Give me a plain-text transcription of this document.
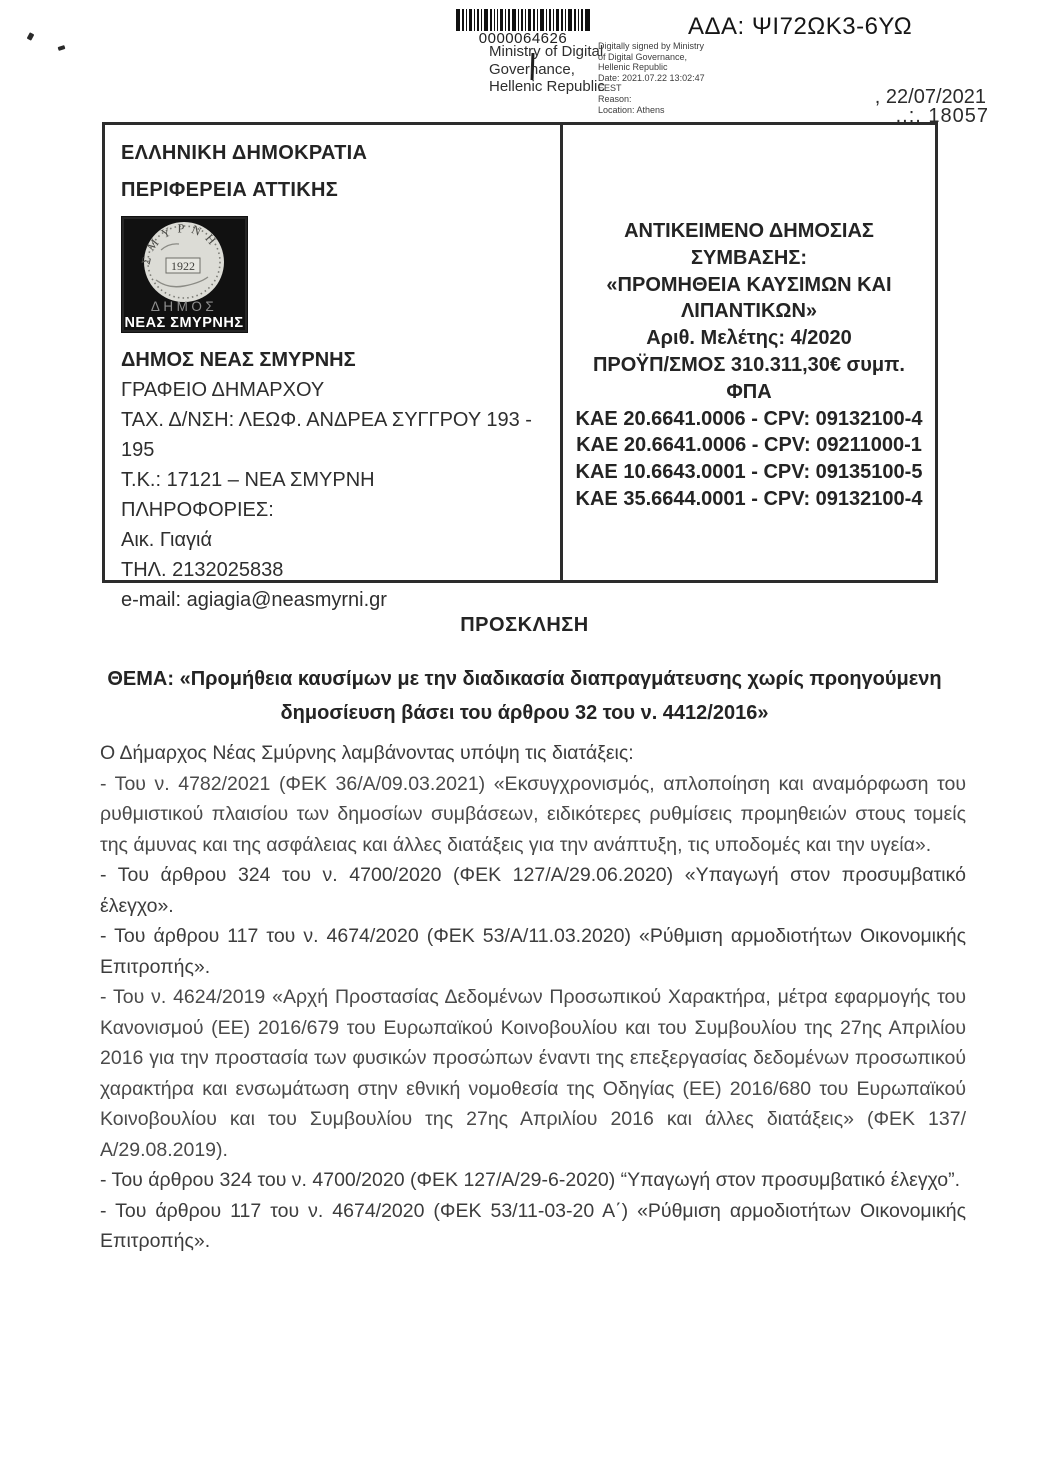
0000064626
Ministry of Digital
Governance,
Hellenic Republic
Digitally signed by Ministry
of Digital Governance,
Hellenic Republic
Date: 2021.07.22 13:02:47
EEST
Reason:
Location: Athens
ΑΔΑ: ΨΙ72ΩΚ3-6ΥΩ
, 22/07/2021
..:. 18057
ΕΛΛΗΝΙΚΗ ΔΗΜΟΚΡΑΤΙΑ
ΠΕΡΙΦΕΡΕΙΑ ΑΤΤΙΚΗΣ
ΣΜΥΡΝΗ
1922
ΔΗΜΟΣ
ΝΕΑΣ ΣΜΥΡΝΗΣ
ΔΗΜΟΣ ΝΕΑΣ ΣΜΥΡΝΗΣ
ΓΡΑΦΕΙΟ ΔΗΜΑΡΧΟΥ
ΤΑΧ. Δ/ΝΣΗ: ΛΕΩΦ. ΑΝΔΡΕΑ ΣΥΓΓΡΟΥ 193 - 195
Τ.Κ.: 17121 – ΝΕΑ ΣΜΥΡΝΗ
ΠΛΗΡΟΦΟΡΙΕΣ:
Αικ. Γιαγιά
ΤΗΛ. 2132025838
e-mail: agiagia@neasmyrni.gr
ΑΝΤΙΚΕΙΜΕΝΟ ΔΗΜΟΣΙΑΣ ΣΥΜΒΑΣΗΣ:
«ΠΡΟΜΗΘΕΙΑ ΚΑΥΣΙΜΩΝ ΚΑΙ
ΛΙΠΑΝΤΙΚΩΝ»
Αριθ. Μελέτης: 4/2020
ΠΡΟΫΠ/ΣΜΟΣ 310.311,30€ συμπ. ΦΠΑ
ΚΑΕ 20.6641.0006 - CPV: 09132100-4
ΚΑΕ 20.6641.0006 - CPV: 09211000-1
ΚΑΕ 10.6643.0001 - CPV: 09135100-5
ΚΑΕ 35.6644.0001 - CPV: 09132100-4
ΠΡΟΣΚΛΗΣΗ
ΘΕΜΑ: «Προμήθεια καυσίμων με την διαδικασία διαπραγμάτευσης χωρίς προηγούμενη
δημοσίευση βάσει του άρθρου 32 του ν. 4412/2016»

Ο Δήμαρχος Νέας Σμύρνης λαμβάνοντας υπόψη τις διατάξεις:

- Του ν. 4782/2021 (ΦΕΚ 36/Α/09.03.2021) «Εκσυγχρονισμός, απλοποίηση και αναμόρφωση του ρυθμιστικού πλαισίου των δημοσίων συμβάσεων, ειδικότερες ρυθμίσεις προμηθειών στους τομείς της άμυνας και της ασφάλειας και άλλες διατάξεις για την ανάπτυξη, τις υποδομές και την υγεία».

- Του άρθρου 324 του ν. 4700/2020 (ΦΕΚ 127/Α/29.06.2020) «Υπαγωγή στον προσυμβατικό έλεγχο».

- Του άρθρου 117 του ν. 4674/2020 (ΦΕΚ 53/Α/11.03.2020) «Ρύθμιση αρμοδιοτήτων Οικονομικής Επιτροπής».

- Του ν. 4624/2019 «Αρχή Προστασίας Δεδομένων Προσωπικού Χαρακτήρα, μέτρα εφαρμογής του Κανονισμού (ΕΕ) 2016/679 του Ευρωπαϊκού Κοινοβουλίου και του Συμβουλίου της 27ης Απριλίου 2016 για την προστασία των φυσικών προσώπων έναντι της επεξεργασίας δεδομένων προσωπικού χαρακτήρα και ενσωμάτωση στην εθνική νομοθεσία της Οδηγίας (ΕΕ) 2016/680 του Ευρωπαϊκού Κοινοβουλίου και του Συμβουλίου της 27ης Απριλίου 2016 και άλλες διατάξεις» (ΦΕΚ 137/Α/29.08.2019).

- Του άρθρου 324 του ν. 4700/2020 (ΦΕΚ 127/Α/29-6-2020) “Υπαγωγή στον προσυμβατικό έλεγχο”.

- Του άρθρου 117 του ν. 4674/2020 (ΦΕΚ 53/11-03-20 Α΄) «Ρύθμιση αρμοδιοτήτων Οικονομικής Επιτροπής».
